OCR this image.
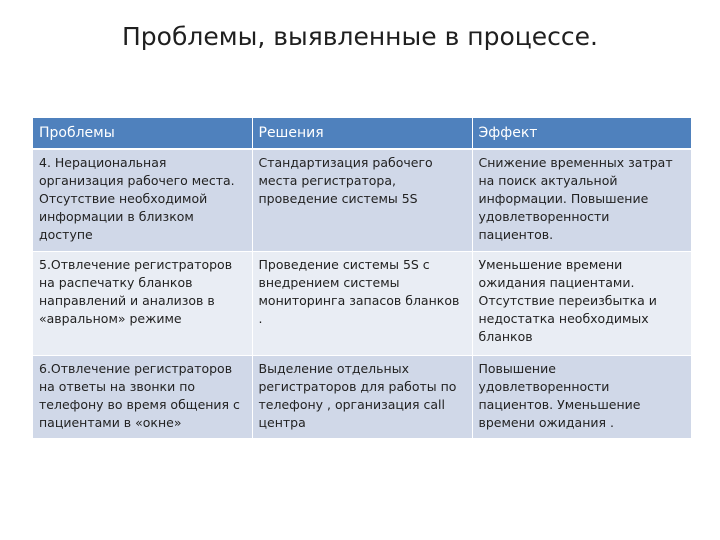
Проблемы, выявленные в процессе.
Проблемы	Решения	Эффект
4. Нерациональная организация рабочего места. Отсутствие необходимой информации в близком доступе	Стандартизация рабочего места регистратора, проведение системы 5S	Снижение временных затрат на поиск актуальной информации. Повышение удовлетворенности пациентов.
5.Отвлечение регистраторов на распечатку бланков направлений и анализов в «авральном» режиме	Проведение системы 5S с внедрением системы мониторинга запасов бланков .	Уменьшение времени ожидания пациентами. Отсутствие переизбытка и недостатка необходимых бланков
6.Отвлечение регистраторов на ответы на звонки по телефону во время общения с пациентами в «окне»	Выделение отдельных регистраторов для работы по телефону , организация call центра	Повышение удовлетворенности пациентов. Уменьшение времени ожидания .
